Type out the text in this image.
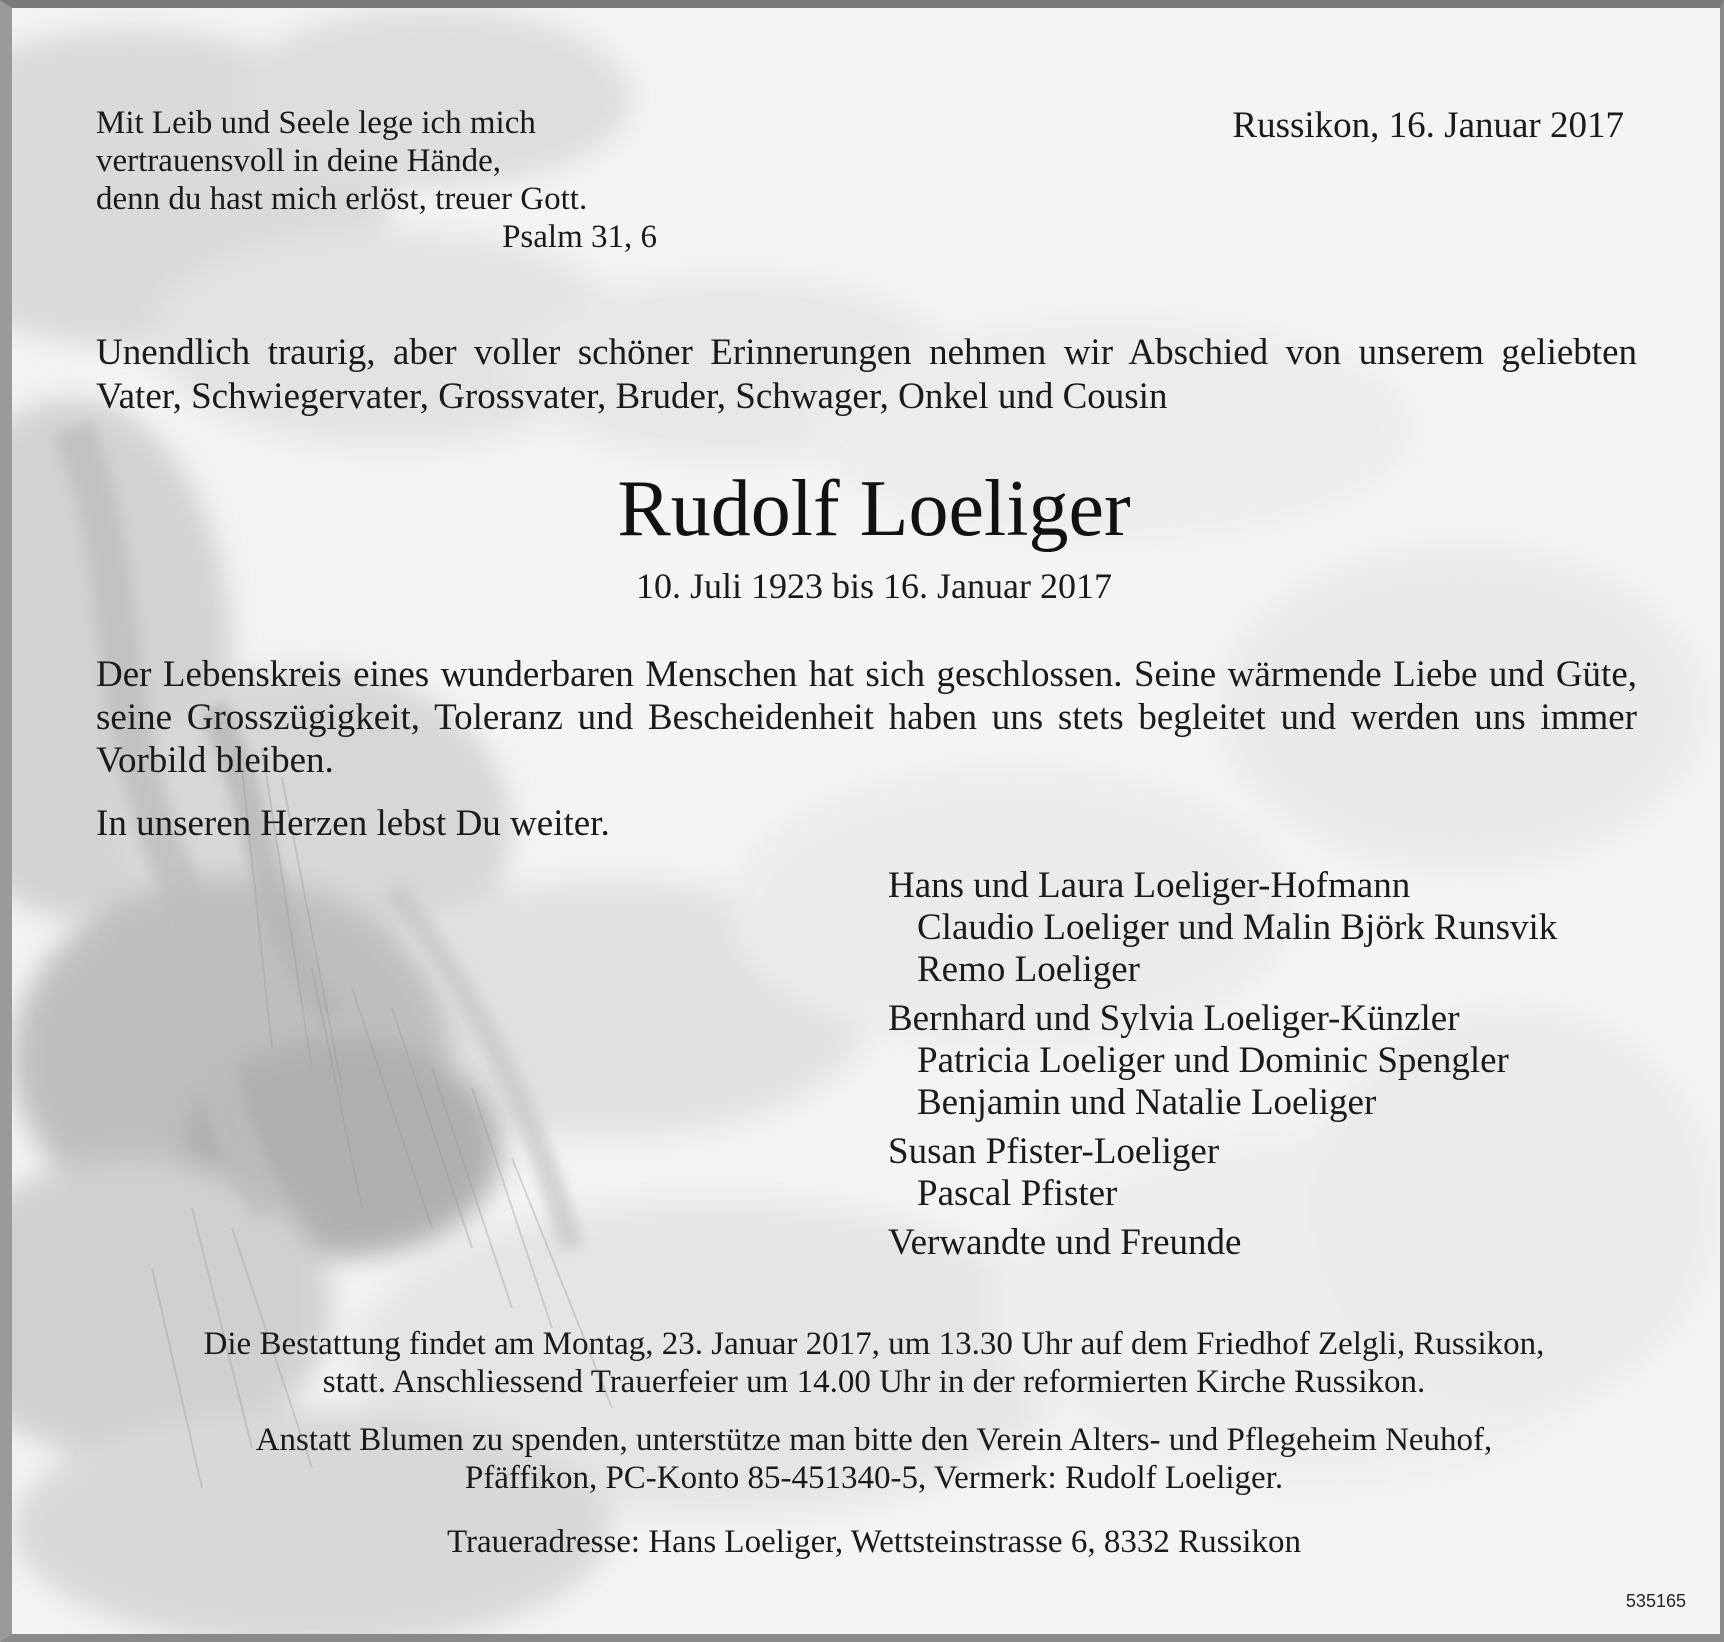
Mit Leib und Seele lege ich mich
vertrauensvoll in deine Hände,
denn du hast mich erlöst, treuer Gott.
Psalm 31, 6
Russikon, 16. Januar 2017
Unendlich traurig, aber voller schöner Erinnerungen nehmen wir Abschied von unserem geliebten Vater, Schwiegervater, Grossvater, Bruder, Schwager, Onkel und Cousin
Rudolf Loeliger
10. Juli 1923 bis 16. Januar 2017
Der Lebenskreis eines wunderbaren Menschen hat sich geschlossen. Seine wärmende Liebe und Güte, seine Grosszügigkeit, Toleranz und Bescheidenheit haben uns stets begleitet und werden uns immer Vorbild bleiben.
In unseren Herzen lebst Du weiter.
Hans und Laura Loeliger-Hofmann
Claudio Loeliger und Malin Björk Runsvik
Remo Loeliger
Bernhard und Sylvia Loeliger-Künzler
Patricia Loeliger und Dominic Spengler
Benjamin und Natalie Loeliger
Susan Pfister-Loeliger
Pascal Pfister
Verwandte und Freunde
Die Bestattung findet am Montag, 23. Januar 2017, um 13.30 Uhr auf dem Friedhof Zelgli, Russikon,
statt. Anschliessend Trauerfeier um 14.00 Uhr in der reformierten Kirche Russikon.
Anstatt Blumen zu spenden, unterstütze man bitte den Verein Alters- und Pflegeheim Neuhof,
Pfäffikon, PC-Konto 85-451340-5, Vermerk: Rudolf Loeliger.
Traueradresse: Hans Loeliger, Wettsteinstrasse 6, 8332 Russikon
535165
